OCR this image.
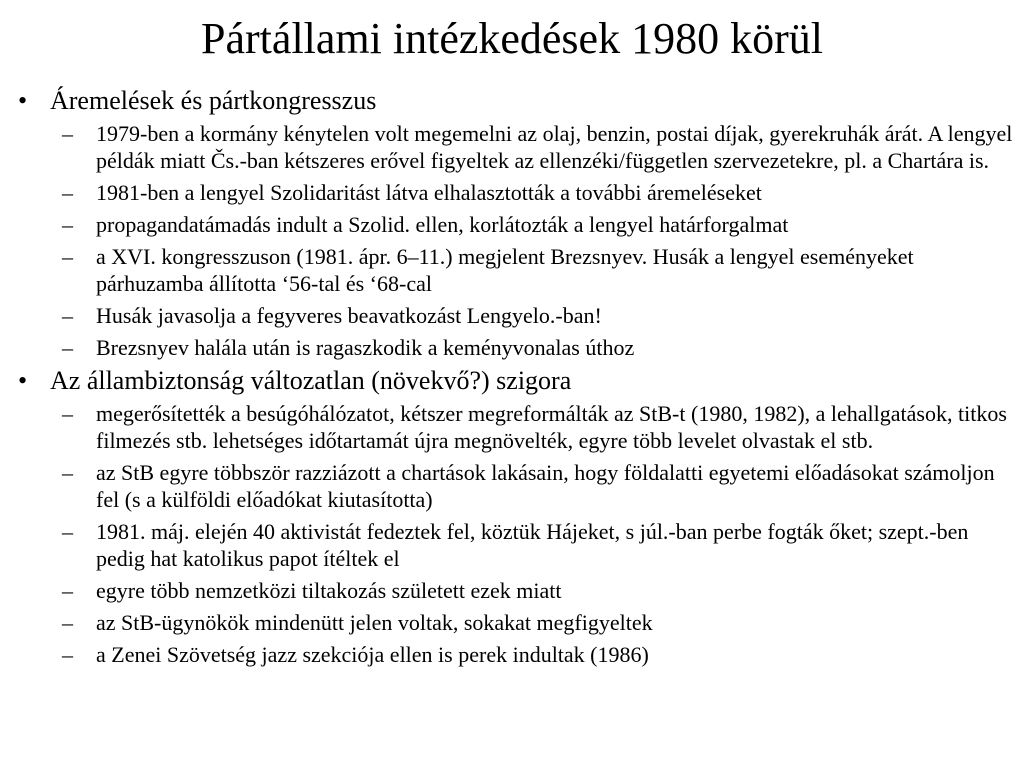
Pártállami intézkedések 1980 körül
• Áremelések és pártkongresszus
– 1979-ben a kormány kénytelen volt megemelni az olaj, benzin, postai díjak, gyerekruhák árát. A lengyel példák miatt Čs.-ban kétszeres erővel figyeltek az ellenzéki/független szervezetekre, pl. a Chartára is.
– 1981-ben a lengyel Szolidaritást látva elhalasztották a további áremeléseket
– propagandatámadás indult a Szolid. ellen, korlátozták a lengyel határforgalmat
– a XVI. kongresszuson (1981. ápr. 6–11.) megjelent Brezsnyev. Husák a lengyel eseményeket párhuzamba állította ‘56-tal és ‘68-cal
– Husák javasolja a fegyveres beavatkozást Lengyelo.-ban!
– Brezsnyev halála után is ragaszkodik a keményvonalas úthoz
• Az állambiztonság változatlan (növekvő?) szigora
– megerősítették a besúgóhálózatot, kétszer megreformálták az StB-t (1980, 1982), a lehallgatások, titkos filmezés stb. lehetséges időtartamát újra megnövelték, egyre több levelet olvastak el stb.
– az StB egyre többször razziázott a chartások lakásain, hogy földalatti egyetemi előadásokat számoljon fel (s a külföldi előadókat kiutasította)
– 1981. máj. elején 40 aktivistát fedeztek fel, köztük Hájeket, s júl.-ban perbe fogták őket; szept.-ben pedig hat katolikus papot ítéltek el
– egyre több nemzetközi tiltakozás született ezek miatt
– az StB-ügynökök mindenütt jelen voltak, sokakat megfigyeltek
– a Zenei Szövetség jazz szekciója ellen is perek indultak (1986)
